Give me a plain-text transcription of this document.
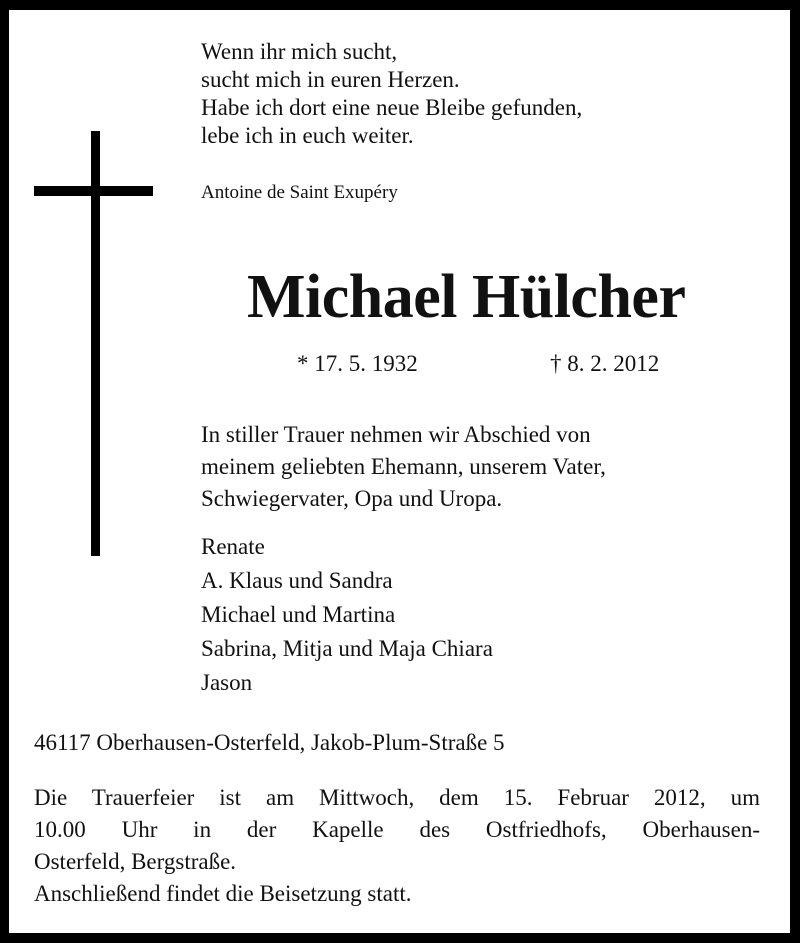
Wenn ihr mich sucht,
sucht mich in euren Herzen.
Habe ich dort eine neue Bleibe gefunden,
lebe ich in euch weiter.
Antoine de Saint Exupéry
Michael Hülcher
* 17. 5. 1932	† 8. 2. 2012
In stiller Trauer nehmen wir Abschied von
meinem geliebten Ehemann, unserem Vater,
Schwiegervater, Opa und Uropa.
Renate
A. Klaus und Sandra
Michael und Martina
Sabrina, Mitja und Maja Chiara
Jason
46117 Oberhausen-Osterfeld, Jakob-Plum-Straße 5
Die Trauerfeier ist am Mittwoch, dem 15. Februar 2012, um
10.00 Uhr in der Kapelle des Ostfriedhofs, Oberhausen-
Osterfeld, Bergstraße.
Anschließend findet die Beisetzung statt.
